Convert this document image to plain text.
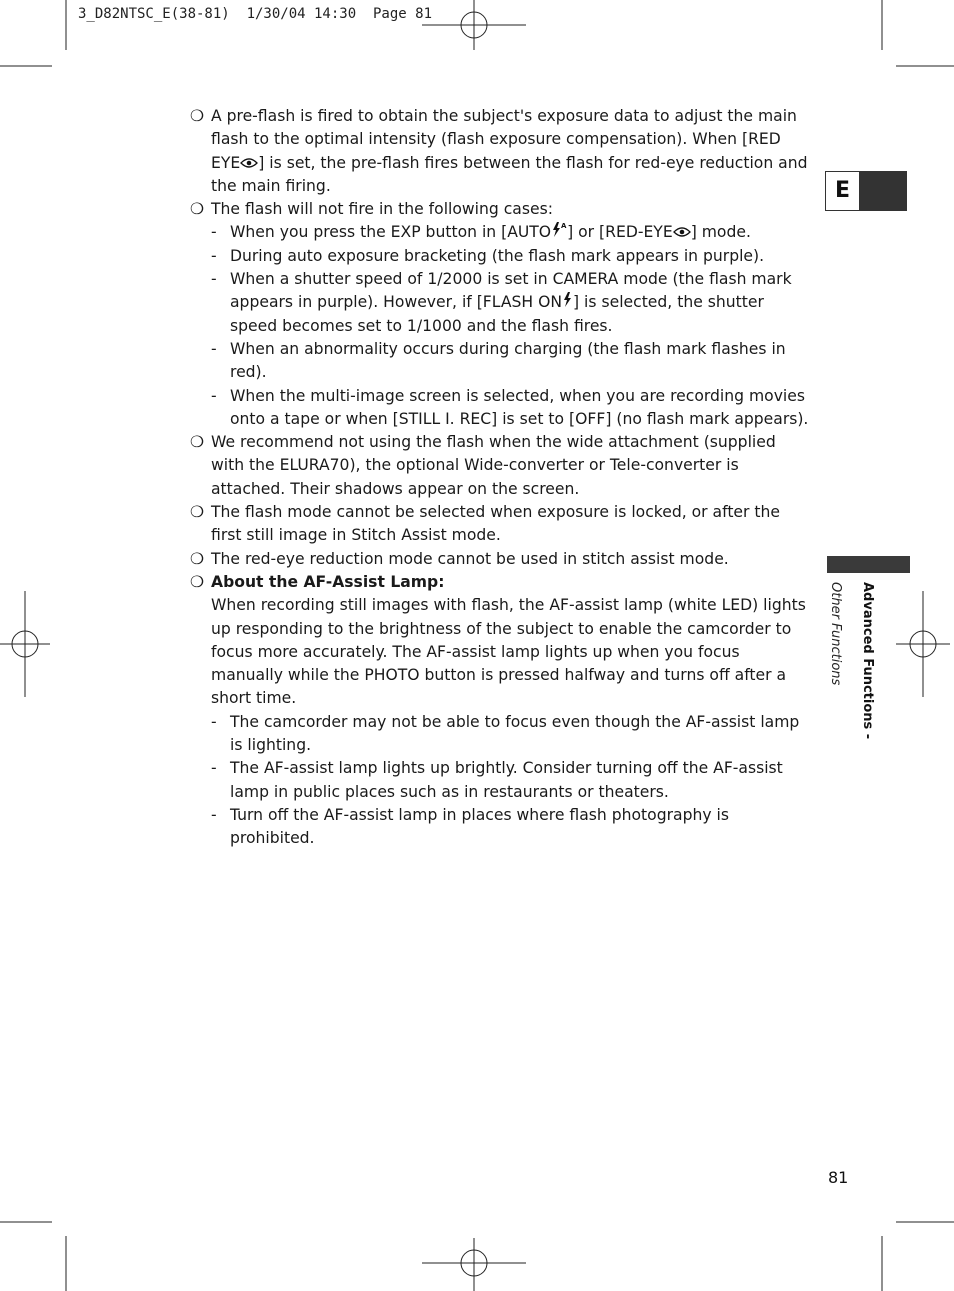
3_D82NTSC_E(38-81)  1/30/04 14:30  Page 81
E
Advanced Functions -
Other Functions
❍ A pre-flash is fired to obtain the subject's exposure data to adjust the main flash to the optimal intensity (flash exposure compensation). When [RED EYE ] is set, the pre-flash fires between the flash for red-eye reduction and the main firing.
❍ The flash will not fire in the following cases:
- When you press the EXP button in [AUTO A ] or [RED-EYE ] mode.
- During auto exposure bracketing (the flash mark appears in purple).
- When a shutter speed of 1/2000 is set in CAMERA mode (the flash mark appears in purple). However, if [FLASH ON ] is selected, the shutter speed becomes set to 1/1000 and the flash fires.
- When an abnormality occurs during charging (the flash mark flashes in red).
- When the multi-image screen is selected, when you are recording movies onto a tape or when [STILL I. REC] is set to [OFF] (no flash mark appears).
❍ We recommend not using the flash when the wide attachment (supplied with the ELURA70), the optional Wide-converter or Tele-converter is attached. Their shadows appear on the screen.
❍ The flash mode cannot be selected when exposure is locked, or after the first still image in Stitch Assist mode.
❍ The red-eye reduction mode cannot be used in stitch assist mode.
❍ About the AF-Assist Lamp:
When recording still images with flash, the AF-assist lamp (white LED) lights up responding to the brightness of the subject to enable the camcorder to focus more accurately. The AF-assist lamp lights up when you focus manually while the PHOTO button is pressed halfway and turns off after a short time.
- The camcorder may not be able to focus even though the AF-assist lamp is lighting.
- The AF-assist lamp lights up brightly. Consider turning off the AF-assist lamp in public places such as in restaurants or theaters.
- Turn off the AF-assist lamp in places where flash photography is prohibited.
81
